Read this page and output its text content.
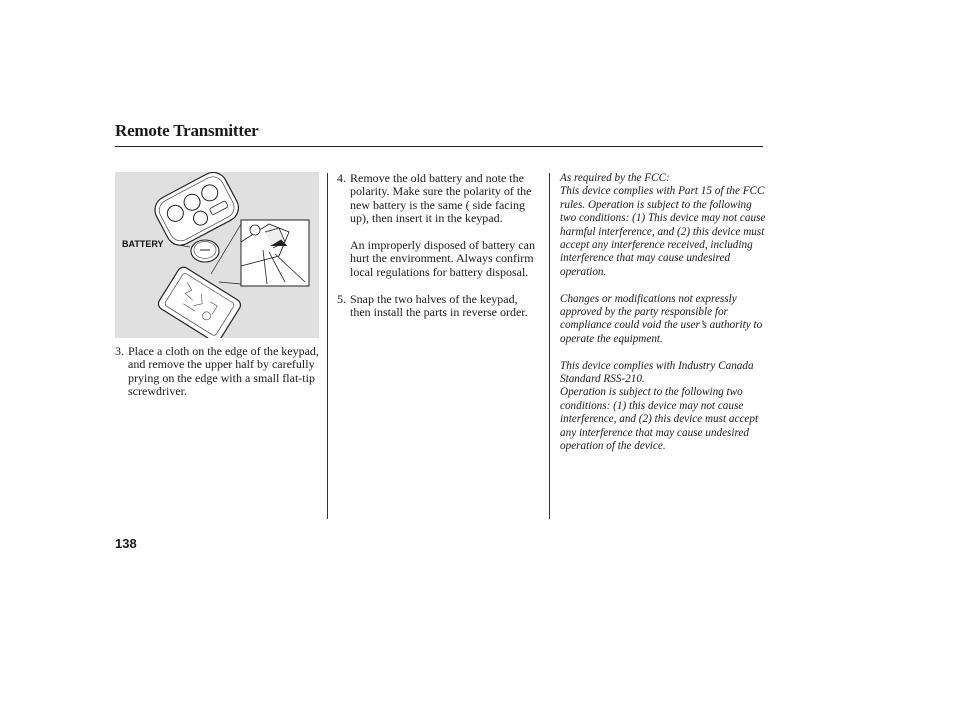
Remote Transmitter
BATTERY
3. Place a cloth on the edge of the keypad, and remove the upper half by carefully prying on the edge with a small flat-tip screwdriver.
4. Remove the old battery and note the polarity. Make sure the polarity of the new battery is the same ( side facing up), then insert it in the keypad.
An improperly disposed of battery can hurt the environment. Always confirm local regulations for battery disposal.
5. Snap the two halves of the keypad, then install the parts in reverse order.

As required by the FCC:

This device complies with Part 15 of the FCC rules. Operation is subject to the following two conditions: (1) This device may not cause harmful interference, and (2) this device must accept any interference received, including interference that may cause undesired operation.

Changes or modifications not expressly approved by the party responsible for compliance could void the user’s authority to operate the equipment.

This device complies with Industry Canada Standard RSS-210.

Operation is subject to the following two conditions: (1) this device may not cause interference, and (2) this device must accept any interference that may cause undesired operation of the device.

138
